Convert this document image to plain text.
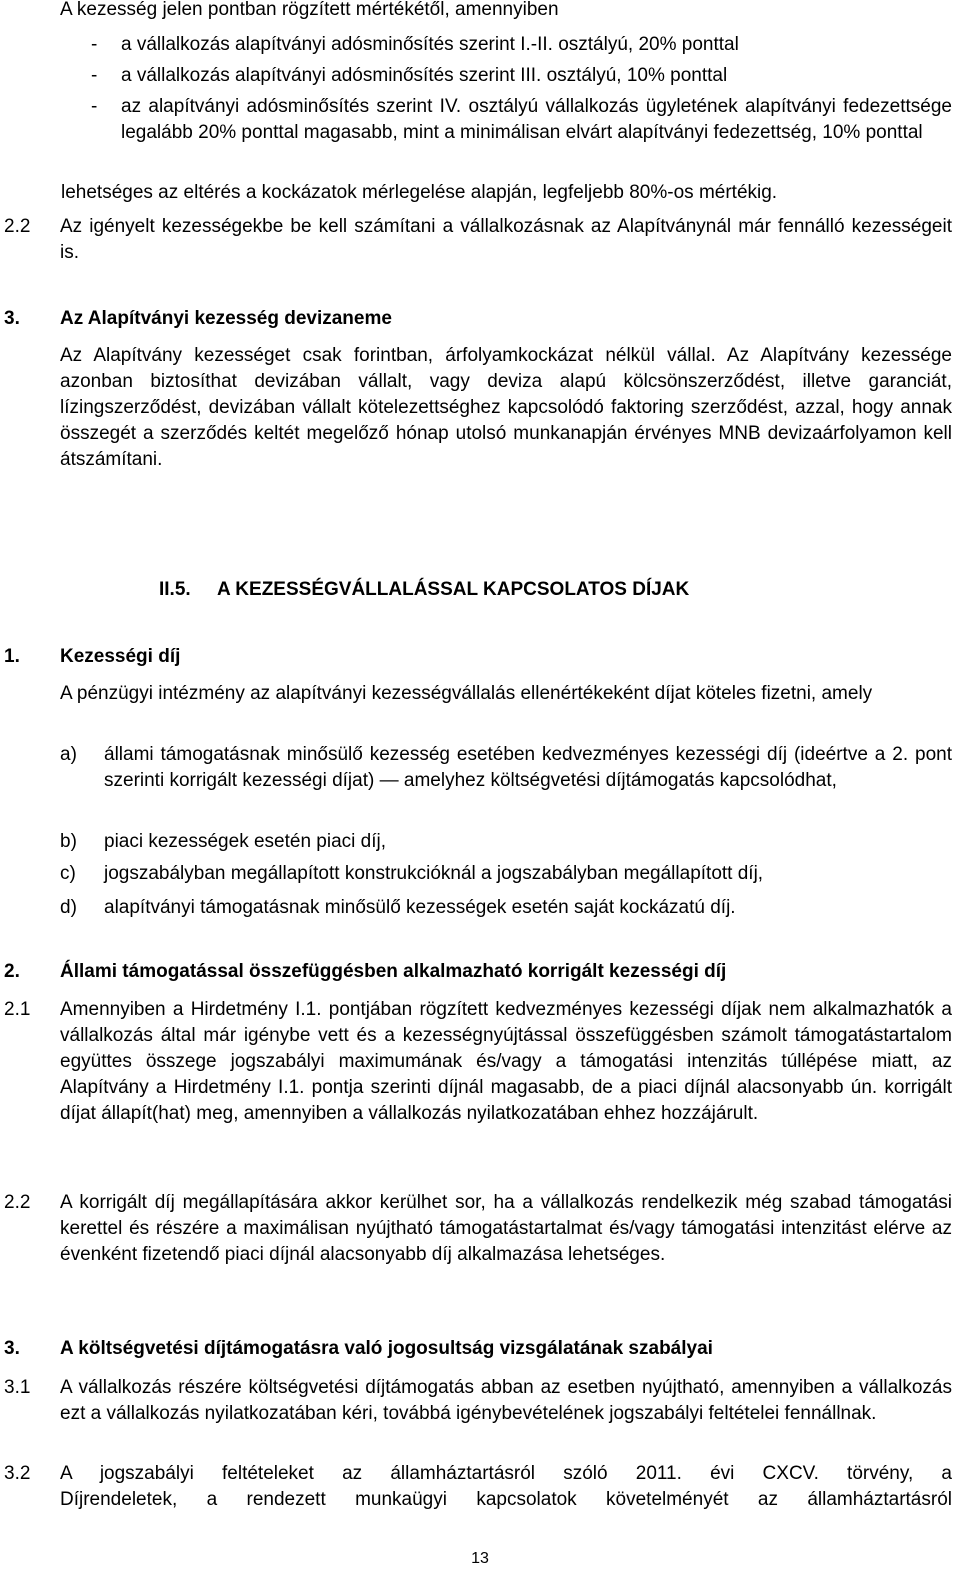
A kezesség jelen pontban rögzített mértékétől, amennyiben

- a vállalkozás alapítványi adósminősítés szerint I.-II. osztályú, 20% ponttal
- a vállalkozás alapítványi adósminősítés szerint III. osztályú, 10% ponttal
- az alapítványi adósminősítés szerint IV. osztályú vállalkozás ügyletének alapítványi fedezettsége legalább 20% ponttal magasabb, mint a minimálisan elvárt alapítványi fedezettség, 10% ponttal
lehetséges az eltérés a kockázatok mérlegelése alapján, legfeljebb 80%-os mértékig.
2.2 Az igényelt kezességekbe be kell számítani a vállalkozásnak az Alapítványnál már fennálló kezességeit is.
3. Az Alapítványi kezesség devizaneme
Az Alapítvány kezességet csak forintban, árfolyamkockázat nélkül vállal. Az Alapítvány kezessége azonban biztosíthat devizában vállalt, vagy deviza alapú kölcsönszerződést, illetve garanciát, lízingszerződést, devizában vállalt kötelezettséghez kapcsolódó faktoring szerződést, azzal, hogy annak összegét a szerződés keltét megelőző hónap utolsó munkanapján érvényes MNB devizaárfolyamon kell átszámítani.
II.5. A KEZESSÉGVÁLLALÁSSAL KAPCSOLATOS DÍJAK
1. Kezességi díj
A pénzügyi intézmény az alapítványi kezességvállalás ellenértékeként díjat köteles fizetni, amely
a) állami támogatásnak minősülő kezesség esetében kedvezményes kezességi díj (ideértve a 2. pont szerinti korrigált kezességi díjat) — amelyhez költségvetési díjtámogatás kapcsolódhat,
b) piaci kezességek esetén piaci díj,
c) jogszabályban megállapított konstrukcióknál a jogszabályban megállapított díj,
d) alapítványi támogatásnak minősülő kezességek esetén saját kockázatú díj.
2. Állami támogatással összefüggésben alkalmazható korrigált kezességi díj
2.1 Amennyiben a Hirdetmény I.1. pontjában rögzített kedvezményes kezességi díjak nem alkalmazhatók a vállalkozás által már igénybe vett és a kezességnyújtással összefüggésben számolt támogatástartalom együttes összege jogszabályi maximumának és/vagy a támogatási intenzitás túllépése miatt, az Alapítvány a Hirdetmény I.1. pontja szerinti díjnál magasabb, de a piaci díjnál alacsonyabb ún. korrigált díjat állapít(hat) meg, amennyiben a vállalkozás nyilatkozatában ehhez hozzájárult.
2.2 A korrigált díj megállapítására akkor kerülhet sor, ha a vállalkozás rendelkezik még szabad támogatási kerettel és részére a maximálisan nyújtható támogatástartalmat és/vagy támogatási intenzitást elérve az évenként fizetendő piaci díjnál alacsonyabb díj alkalmazása lehetséges.
3. A költségvetési díjtámogatásra való jogosultság vizsgálatának szabályai
3.1 A vállalkozás részére költségvetési díjtámogatás abban az esetben nyújtható, amennyiben a vállalkozás ezt a vállalkozás nyilatkozatában kéri, továbbá igénybevételének jogszabályi feltételei fennállnak.
3.2 A jogszabályi feltételeket az államháztartásról szóló 2011. évi CXCV. törvény, a
Díjrendeletek, a rendezett munkaügyi kapcsolatok követelményét az államháztartásról
13
